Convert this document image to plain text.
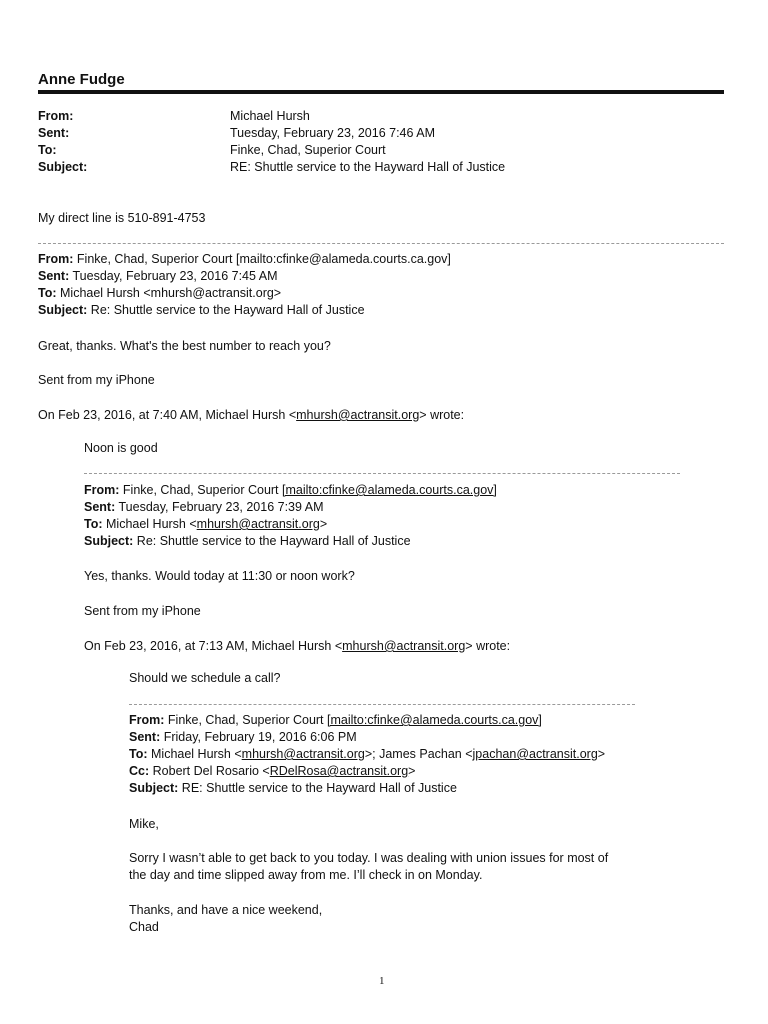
Anne Fudge
From:	Michael Hursh
Sent:	Tuesday, February 23, 2016 7:46 AM
To:	Finke, Chad, Superior Court
Subject:	RE: Shuttle service to the Hayward Hall of Justice
My direct line is 510-891-4753
From: Finke, Chad, Superior Court [mailto:cfinke@alameda.courts.ca.gov]
Sent: Tuesday, February 23, 2016 7:45 AM
To: Michael Hursh <mhursh@actransit.org>
Subject: Re: Shuttle service to the Hayward Hall of Justice
Great, thanks. What's the best number to reach you?
Sent from my iPhone
On Feb 23, 2016, at 7:40 AM, Michael Hursh <mhursh@actransit.org> wrote:
Noon is good
From: Finke, Chad, Superior Court [mailto:cfinke@alameda.courts.ca.gov]
Sent: Tuesday, February 23, 2016 7:39 AM
To: Michael Hursh <mhursh@actransit.org>
Subject: Re: Shuttle service to the Hayward Hall of Justice
Yes, thanks. Would today at 11:30 or noon work?
Sent from my iPhone
On Feb 23, 2016, at 7:13 AM, Michael Hursh <mhursh@actransit.org> wrote:
Should we schedule a call?
From: Finke, Chad, Superior Court [mailto:cfinke@alameda.courts.ca.gov]
Sent: Friday, February 19, 2016 6:06 PM
To: Michael Hursh <mhursh@actransit.org>; James Pachan <jpachan@actransit.org>
Cc: Robert Del Rosario <RDelRosa@actransit.org>
Subject: RE: Shuttle service to the Hayward Hall of Justice
Mike,
Sorry I wasn’t able to get back to you today. I was dealing with union issues for most of
the day and time slipped away from me. I’ll check in on Monday.
Thanks, and have a nice weekend,
Chad
1
